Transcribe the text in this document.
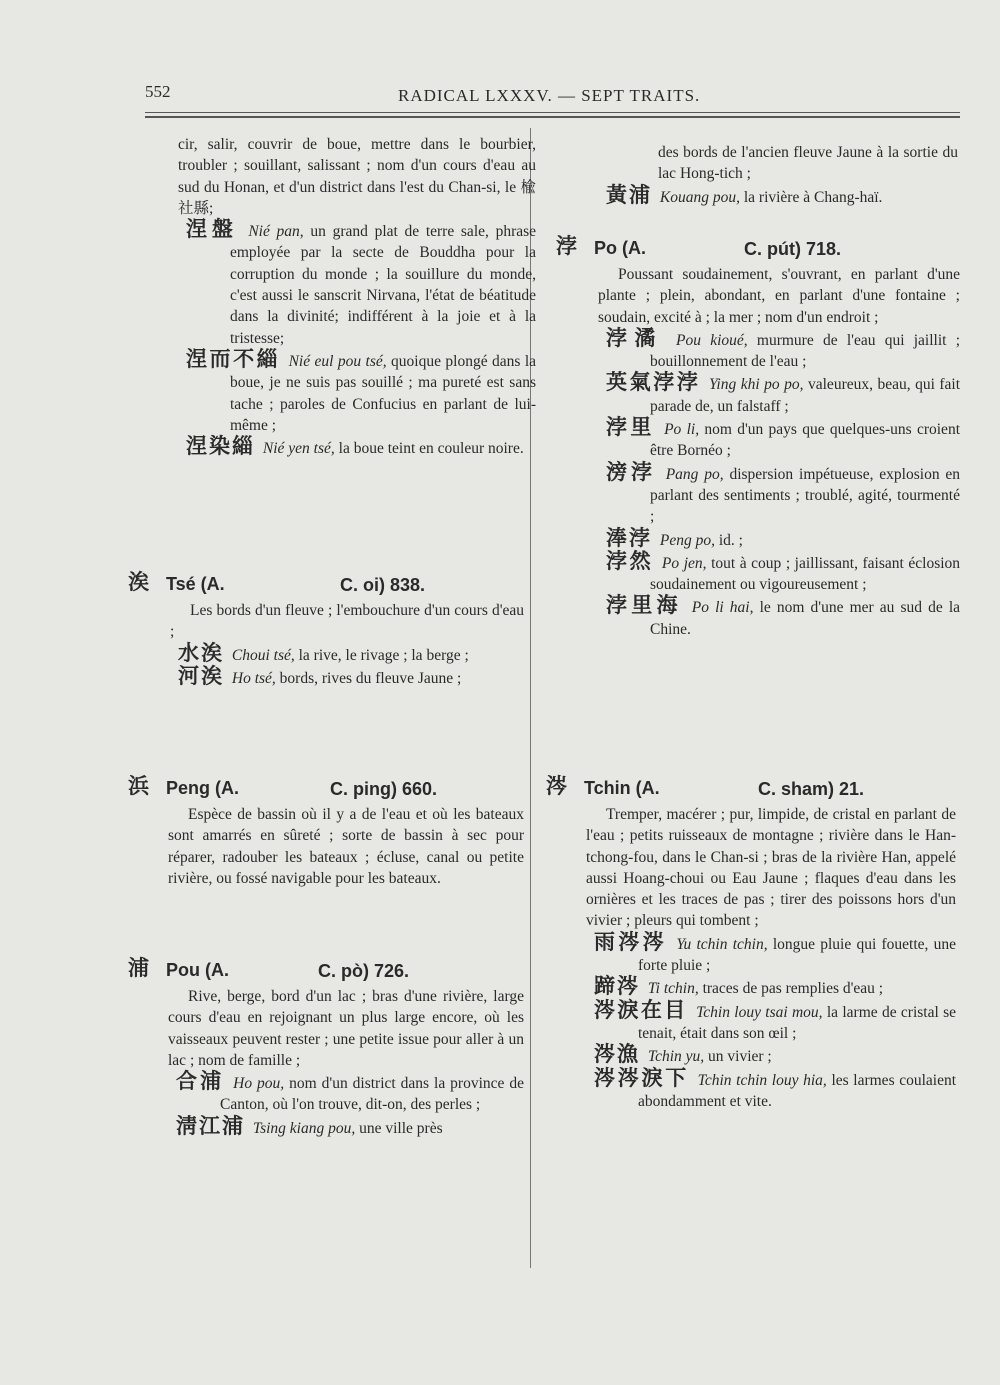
552	RADICAL LXXXV. — SEPT TRAITS.

cir, salir, couvrir de boue, mettre dans le bourbier, troubler ; souillant, salissant ; nom d'un cours d'eau au sud du Honan, et d'un district dans l'est du Chan-si, le 楡社縣;

涅盤 Nié pan, un grand plat de terre sale, phrase employée par la secte de Bouddha pour la corruption du monde ; la souillure du monde, c'est aussi le sanscrit Nirvana, l'état de béatitude dans la divinité; indifférent à la joie et à la tristesse;

涅而不緇 Nié eul pou tsé, quoique plongé dans la boue, je ne suis pas souillé ; ma pureté est sans tache ; paroles de Confucius en parlant de lui-même ;

涅染緇 Nié yen tsé, la boue teint en couleur noire.

涘 Tsé (A.	C. oi) 838.

Les bords d'un fleuve ; l'embouchure d'un cours d'eau ;

水涘 Choui tsé, la rive, le rivage ; la berge ;

河涘 Ho tsé, bords, rives du fleuve Jaune ;

浜 Peng (A.	C. ping) 660.

Espèce de bassin où il y a de l'eau et où les bateaux sont amarrés en sûreté ; sorte de bassin à sec pour réparer, radouber les bateaux ; écluse, canal ou petite rivière, ou fossé navigable pour les bateaux.

浦 Pou (A.	C. pò) 726.

Rive, berge, bord d'un lac ; bras d'une rivière, large cours d'eau en rejoignant un plus large encore, où les vaisseaux peuvent rester ; une petite issue pour aller à un lac ; nom de famille ;

合浦 Ho pou, nom d'un district dans la province de Canton, où l'on trouve, dit-on, des perles ;

淸江浦 Tsing kiang pou, une ville près

des bords de l'ancien fleuve Jaune à la sortie du lac Hong-tich ;

黃浦 Kouang pou, la rivière à Chang-haï.

浡 Po (A.	C. pút) 718.

Poussant soudainement, s'ouvrant, en parlant d'une plante ; plein, abondant, en parlant d'une fontaine ; soudain, excité à ; la mer ; nom d'un endroit ;

浡潏 Pou kioué, murmure de l'eau qui jaillit ; bouillonnement de l'eau ;

英氣浡浡 Ying khi po po, valeureux, beau, qui fait parade de, un falstaff ;

浡里 Po li, nom d'un pays que quelques-uns croient être Bornéo ;

滂浡 Pang po, dispersion impétueuse, explosion en parlant des sentiments ; troublé, agité, tourmenté ;

淎浡 Peng po, id. ;

浡然 Po jen, tout à coup ; jaillissant, faisant éclosion soudainement ou vigoureusement ;

浡里海 Po li hai, le nom d'une mer au sud de la Chine.

涔 Tchin (A.	C. sham) 21.

Tremper, macérer ; pur, limpide, de cristal en parlant de l'eau ; petits ruisseaux de montagne ; rivière dans le Han-tchong-fou, dans le Chan-si ; bras de la rivière Han, appelé aussi Hoang-choui ou Eau Jaune ; flaques d'eau dans les ornières et les traces de pas ; tirer des poissons hors d'un vivier ; pleurs qui tombent ;

雨涔涔 Yu tchin tchin, longue pluie qui fouette, une forte pluie ;

蹄涔 Ti tchin, traces de pas remplies d'eau ;

涔淚在目 Tchin louy tsai mou, la larme de cristal se tenait, était dans son œil ;

涔漁 Tchin yu, un vivier ;

涔涔淚下 Tchin tchin louy hia, les larmes coulaient abondamment et vite.
